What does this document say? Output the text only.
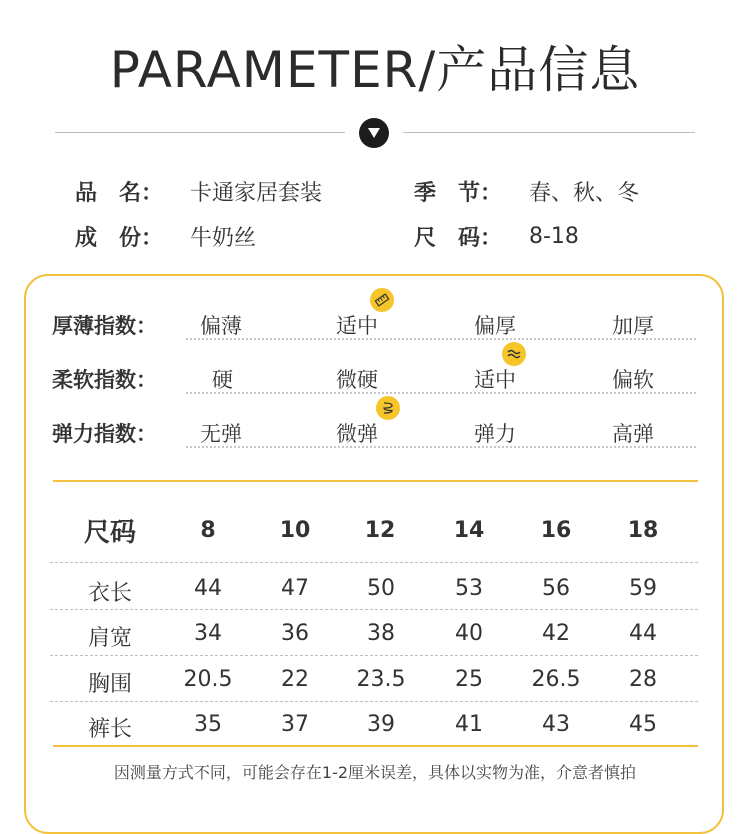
PARAMETER/产品信息
品　名：	卡通家居套装	季　节：	春、秋、冬
成　份：	牛奶丝	尺　码：	8-18
厚薄指数： 偏薄	适中	偏厚	加厚
柔软指数：	硬	微硬	适中	偏软
弹力指数： 无弹	微弹	弹力	高弹
尺码	8	10	12	14	16	18
衣长	44	47	50	53	56	59
肩宽	34	36	38	40	42	44
胸围	20.5	22	23.5	25	26.5	28
裤长	35	37	39	41	43	45
因测量方式不同，可能会存在1-2厘米误差，具体以实物为准，介意者慎拍
